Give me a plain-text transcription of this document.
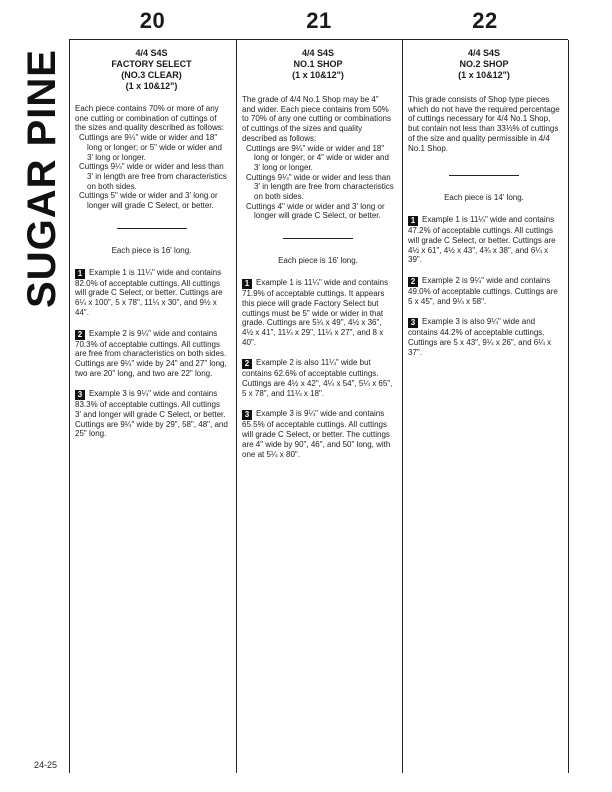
SUGAR PINE
20
4/4 S4S
FACTORY SELECT
(NO.3 CLEAR)
(1 x 10&12")

Each piece contains 70% or more of any one cutting or combination of cuttings of the sizes and quality described as follows:

Cuttings are 9¼" wide or wider and 18" long or longer; or 5" wide or wider and 3' long or longer.

Cuttings 9¼" wide or wider and less than 3' in length are free from characteristics on both sides.

Cuttings 5" wide or wider and 3' long or longer will grade C Select, or better.

Each piece is 16' long.
1 Example 1 is 11¼" wide and contains 82.0% of acceptable cuttings. All cuttings will grade C Select, or better. Cuttings are 6¼ x 100", 5 x 78", 11¼ x 30", and 9½ x 44".
2 Example 2 is 9¼" wide and contains 70.3% of acceptable cuttings. All cuttings are free from characteristics on both sides. Cuttings are 9¼" wide by 24" and 27" long, two are 20" long, and two are 22" long.
3 Example 3 is 9¼" wide and contains 83.3% of acceptable cuttings. All cuttings 3' and longer will grade C Select, or better. Cuttings are 9¼" wide by 29", 58", 48", and 25" long.
21
4/4 S4S
NO.1 SHOP
(1 x 10&12")

The grade of 4/4 No.1 Shop may be 4" and wider. Each piece contains from 50% to 70% of any one cutting or combinations of cuttings of the sizes and quality described as follows:

Cuttings are 9¼" wide or wider and 18" long or longer; or 4" wide or wider and 3' long or longer.

Cuttings 9¼" wide or wider and less than 3' in length are free from characteristics on both sides.

Cuttings 4" wide or wider and 3' long or longer will grade C Select, or better.

Each piece is 16' long.
1 Example 1 is 11¼" wide and contains 71.9% of acceptable cuttings. It appears this piece will grade Factory Select but cuttings must be 5" wide or wider in that grade. Cuttings are 5¼ x 49", 4½ x 36", 4½ x 41", 11¼ x 29", 11¼ x 27", and 8 x 40".
2 Example 2 is also 11¼" wide but contains 62.6% of acceptable cuttings. Cuttings are 4½ x 42", 4¼ x 54", 5¼ x 65", 5 x 78", and 11¼ x 18".
3 Example 3 is 9¼" wide and contains 65.5% of acceptable cuttings. All cuttings will grade C Select, or better. The cuttings are 4" wide by 90", 46", and 50" long, with one at 5¼ x 80".
22
4/4 S4S
NO.2 SHOP
(1 x 10&12")

This grade consists of Shop type pieces which do not have the required percentage of cuttings necessary for 4/4 No.1 Shop, but contain not less than 33⅓% of cuttings of the size and quality permissible in 4/4 No.1 Shop.

Each piece is 14' long.
1 Example 1 is 11¼" wide and contains 47.2% of acceptable cuttings. All cuttings will grade C Select, or better. Cuttings are 4½ x 61", 4½ x 43", 4¾ x 38", and 6¼ x 39".
2 Example 2 is 9¼" wide and contains 49.0% of acceptable cuttings. Cuttings are 5 x 45", and 9¼ x 58".
3 Example 3 is also 9¼" wide and contains 44.2% of acceptable cuttings. Cuttings are 5 x 43", 9¼ x 26", and 6¼ x 37".
24-25
